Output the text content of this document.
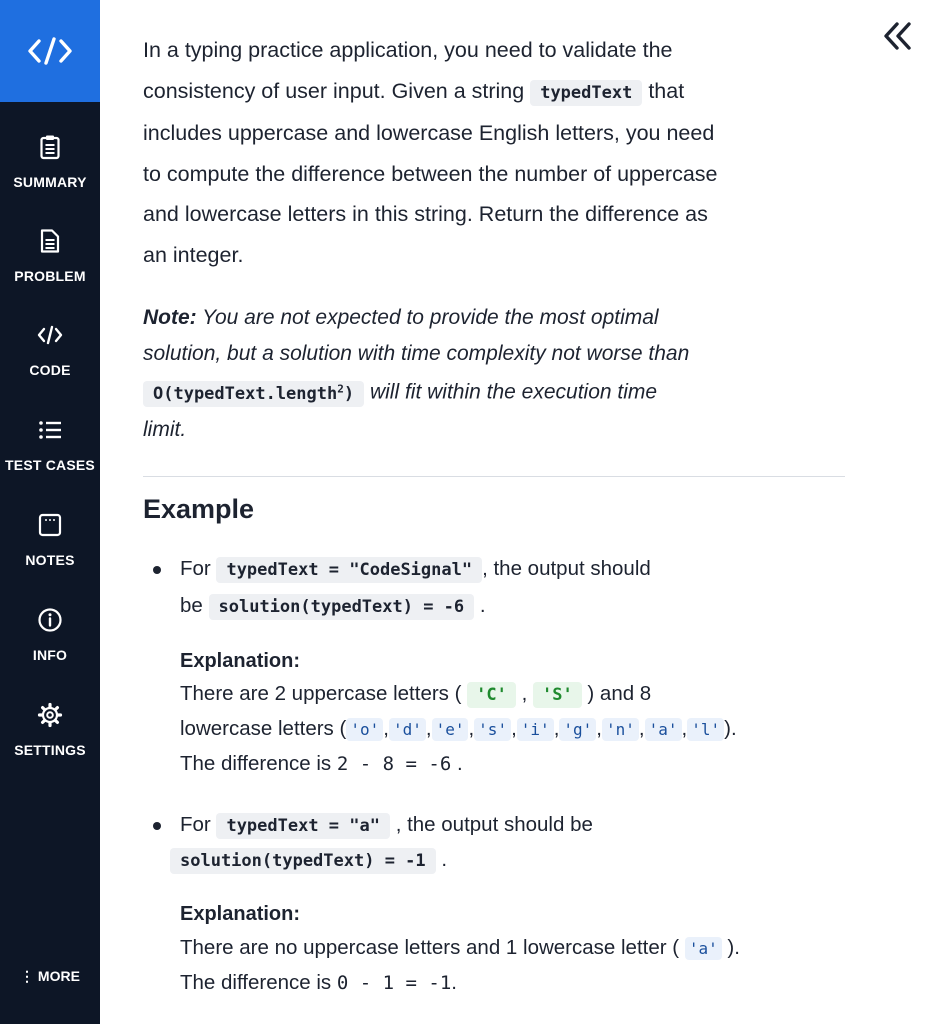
SUMMARY
PROBLEM
CODE
TEST CASES
NOTES
INFO
SETTINGS
⋮ MORE
In a typing practice application, you need to validate the
consistency of user input. Given a string typedText that
includes uppercase and lowercase English letters, you need
to compute the difference between the number of uppercase
and lowercase letters in this string. Return the difference as
an integer.
Note: You are not expected to provide the most optimal
solution, but a solution with time complexity not worse than
O(typedText.length$^2$) will fit within the execution time
limit.
Example
For typedText = "CodeSignal" , the output should
be solution(typedText) = -6 .
Explanation:
There are 2 uppercase letters ( 'C' , 'S' ) and 8
lowercase letters ( 'o' , 'd' , 'e' , 's' , 'i' , 'g' , 'n' , 'a' , 'l' ).
The difference is 2 - 8 = -6 .
For typedText = "a" , the output should be
solution(typedText) = -1 .
Explanation:
There are no uppercase letters and 1 lowercase letter ( 'a' ).
The difference is 0 - 1 = -1.
